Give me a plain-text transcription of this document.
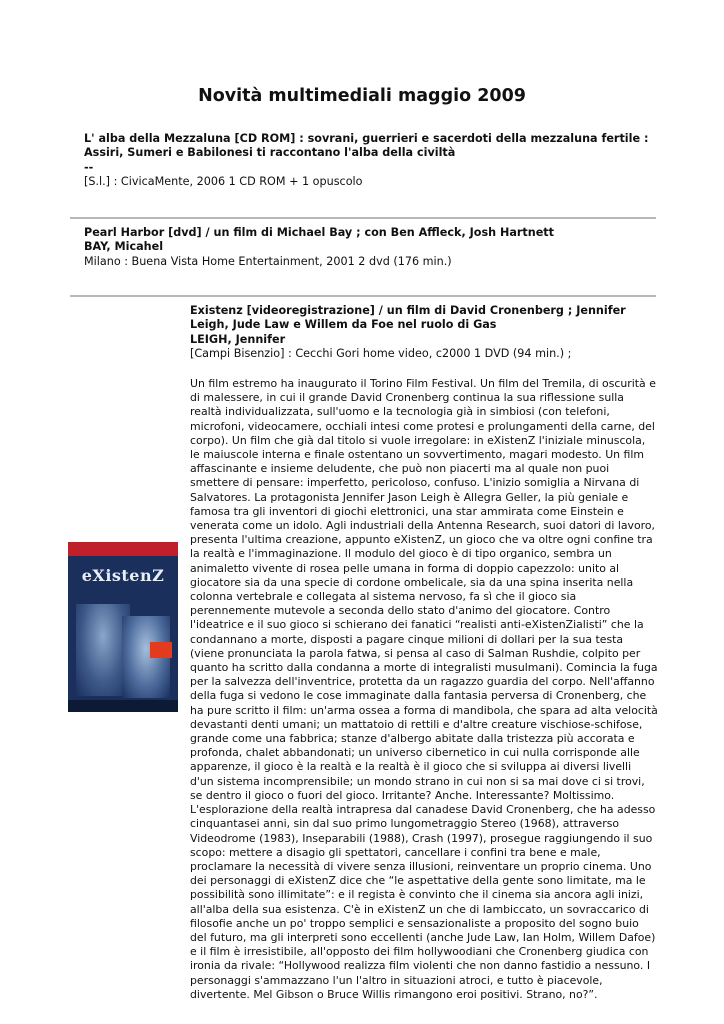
Novità multimediali maggio 2009
L' alba della Mezzaluna [CD ROM] : sovrani, guerrieri e sacerdoti della mezzaluna fertile : Assiri, Sumeri e Babilonesi ti raccontano l'alba della civiltà
--
[S.l.] : CivicaMente, 2006 1 CD ROM + 1 opuscolo
Pearl Harbor [dvd] / un film di Michael Bay ; con Ben Affleck, Josh Hartnett
BAY, Micahel
Milano : Buena Vista Home Entertainment, 2001 2 dvd (176 min.)
Existenz [videoregistrazione] / un film di David Cronenberg ; Jennifer Leigh, Jude Law e Willem da Foe nel ruolo di Gas
LEIGH, Jennifer
[Campi Bisenzio] : Cecchi Gori home video, c2000 1 DVD (94 min.) ;
eXistenZ

Un film estremo ha inaugurato il Torino Film Festival. Un film del Tremila, di oscurità e di malessere, in cui il grande David Cronenberg continua la sua riflessione sulla realtà individualizzata, sull'uomo e la tecnologia già in simbiosi (con telefoni, microfoni, videocamere, occhiali intesi come protesi e prolungamenti della carne, del corpo). Un film che già dal titolo si vuole irregolare: in eXistenZ l'iniziale minuscola, le maiuscole interna e finale ostentano un sovvertimento, magari modesto. Un film affascinante e insieme deludente, che può non piacerti ma al quale non puoi smettere di pensare: imperfetto, pericoloso, confuso. L'inizio somiglia a Nirvana di Salvatores. La protagonista Jennifer Jason Leigh è Allegra Geller, la più geniale e famosa tra gli inventori di giochi elettronici, una star ammirata come Einstein e venerata come un idolo. Agli industriali della Antenna Research, suoi datori di lavoro, presenta l'ultima creazione, appunto eXistenZ, un gioco che va oltre ogni confine tra la realtà e l'immaginazione. Il modulo del gioco è di tipo organico, sembra un animaletto vivente di rosea pelle umana in forma di doppio capezzolo: unito al giocatore sia da una specie di cordone ombelicale, sia da una spina inserita nella colonna vertebrale e collegata al sistema nervoso, fa sì che il gioco sia perennemente mutevole a seconda dello stato d'animo del giocatore. Contro l'ideatrice e il suo gioco si schierano dei fanatici “realisti anti-eXistenZialisti” che la condannano a morte, disposti a pagare cinque milioni di dollari per la sua testa (viene pronunciata la parola fatwa, si pensa al caso di Salman Rushdie, colpito per quanto ha scritto dalla condanna a morte di integralisti musulmani). Comincia la fuga per la salvezza dell'inventrice, protetta da un ragazzo guardia del corpo. Nell'affanno della fuga si vedono le cose immaginate dalla fantasia perversa di Cronenberg, che ha pure scritto il film: un'arma ossea a forma di mandibola, che spara ad alta velocità devastanti denti umani; un mattatoio di rettili e d'altre creature vischiose-schifose, grande come una fabbrica; stanze d'albergo abitate dalla tristezza più accorata e profonda, chalet abbandonati; un universo cibernetico in cui nulla corrisponde alle apparenze, il gioco è la realtà e la realtà è il gioco che si sviluppa ai diversi livelli d'un sistema incomprensibile; un mondo strano in cui non si sa mai dove ci si trovi, se dentro il gioco o fuori del gioco. Irritante? Anche. Interessante? Moltissimo. L'esplorazione della realtà intrapresa dal canadese David Cronenberg, che ha adesso cinquantasei anni, sin dal suo primo lungometraggio Stereo (1968), attraverso Videodrome (1983), Inseparabili (1988), Crash (1997), prosegue raggiungendo il suo scopo: mettere a disagio gli spettatori, cancellare i confini tra bene e male, proclamare la necessità di vivere senza illusioni, reinventare un proprio cinema. Uno dei personaggi di eXistenZ dice che “le aspettative della gente sono limitate, ma le possibilità sono illimitate”: e il regista è convinto che il cinema sia ancora agli inizi, all'alba della sua esistenza. C'è in eXistenZ un che di lambiccato, un sovraccarico di filosofie anche un po' troppo semplici e sensazionaliste a proposito del sogno buio del futuro, ma gli interpreti sono eccellenti (anche Jude Law, Ian Holm, Willem Dafoe) e il film è irresistibile, all'opposto dei film hollywoodiani che Cronenberg giudica con ironia da rivale: “Hollywood realizza film violenti che non danno fastidio a nessuno. I personaggi s'ammazzano l'un l'altro in situazioni atroci, e tutto è piacevole, divertente. Mel Gibson o Bruce Willis rimangono eroi positivi. Strano, no?”.
